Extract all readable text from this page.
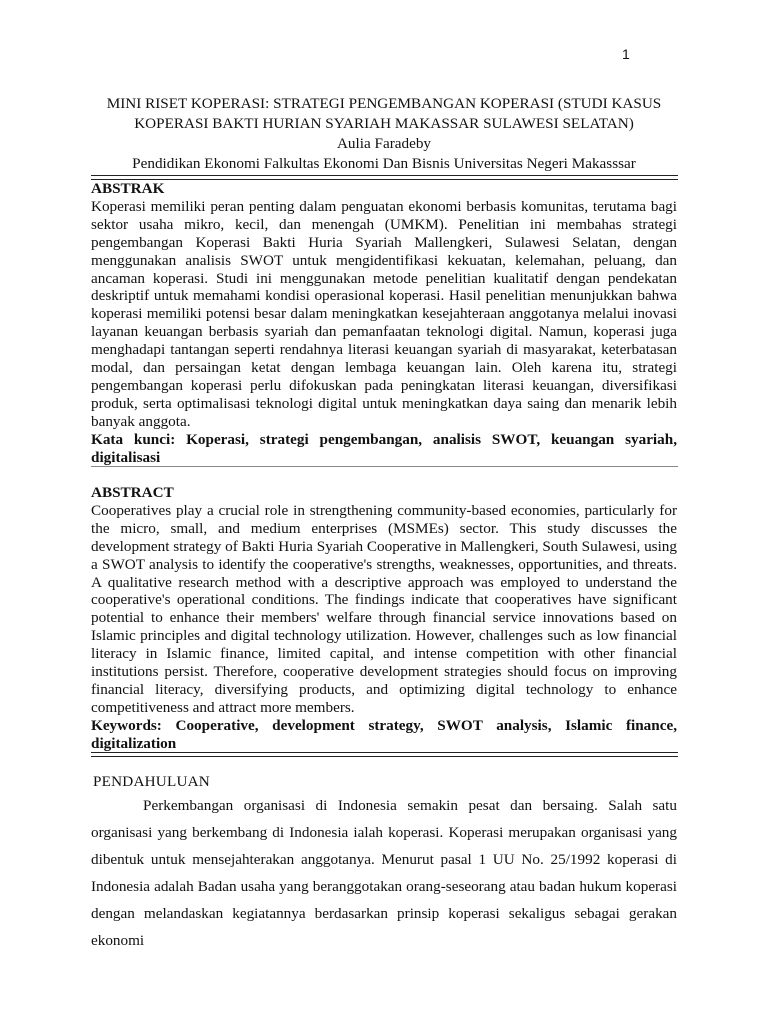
1
MINI RISET KOPERASI: STRATEGI PENGEMBANGAN KOPERASI (STUDI KASUS
KOPERASI BAKTI HURIAN SYARIAH MAKASSAR SULAWESI SELATAN)
Aulia Faradeby
Pendidikan Ekonomi Falkultas Ekonomi Dan Bisnis Universitas Negeri Makasssar
ABSTRAK
Koperasi memiliki peran penting dalam penguatan ekonomi berbasis komunitas, terutama bagi sektor usaha mikro, kecil, dan menengah (UMKM). Penelitian ini membahas strategi pengembangan Koperasi Bakti Huria Syariah Mallengkeri, Sulawesi Selatan, dengan menggunakan analisis SWOT untuk mengidentifikasi kekuatan, kelemahan, peluang, dan ancaman koperasi. Studi ini menggunakan metode penelitian kualitatif dengan pendekatan deskriptif untuk memahami kondisi operasional koperasi. Hasil penelitian menunjukkan bahwa koperasi memiliki potensi besar dalam meningkatkan kesejahteraan anggotanya melalui inovasi layanan keuangan berbasis syariah dan pemanfaatan teknologi digital. Namun, koperasi juga menghadapi tantangan seperti rendahnya literasi keuangan syariah di masyarakat, keterbatasan modal, dan persaingan ketat dengan lembaga keuangan lain. Oleh karena itu, strategi pengembangan koperasi perlu difokuskan pada peningkatan literasi keuangan, diversifikasi produk, serta optimalisasi teknologi digital untuk meningkatkan daya saing dan menarik lebih banyak anggota.
Kata kunci: Koperasi, strategi pengembangan, analisis SWOT, keuangan syariah, digitalisasi
ABSTRACT
Cooperatives play a crucial role in strengthening community-based economies, particularly for the micro, small, and medium enterprises (MSMEs) sector. This study discusses the development strategy of Bakti Huria Syariah Cooperative in Mallengkeri, South Sulawesi, using a SWOT analysis to identify the cooperative's strengths, weaknesses, opportunities, and threats. A qualitative research method with a descriptive approach was employed to understand the cooperative's operational conditions. The findings indicate that cooperatives have significant potential to enhance their members' welfare through financial service innovations based on Islamic principles and digital technology utilization. However, challenges such as low financial literacy in Islamic finance, limited capital, and intense competition with other financial institutions persist. Therefore, cooperative development strategies should focus on improving financial literacy, diversifying products, and optimizing digital technology to enhance competitiveness and attract more members.
Keywords: Cooperative, development strategy, SWOT analysis, Islamic finance, digitalization
PENDAHULUAN
Perkembangan organisasi di Indonesia semakin pesat dan bersaing. Salah satu organisasi yang berkembang di Indonesia ialah koperasi. Koperasi merupakan organisasi yang dibentuk untuk mensejahterakan anggotanya. Menurut pasal 1 UU No. 25/1992 koperasi di Indonesia adalah Badan usaha yang beranggotakan orang-seseorang atau badan hukum koperasi dengan melandaskan kegiatannya berdasarkan prinsip koperasi sekaligus sebagai gerakan ekonomi
